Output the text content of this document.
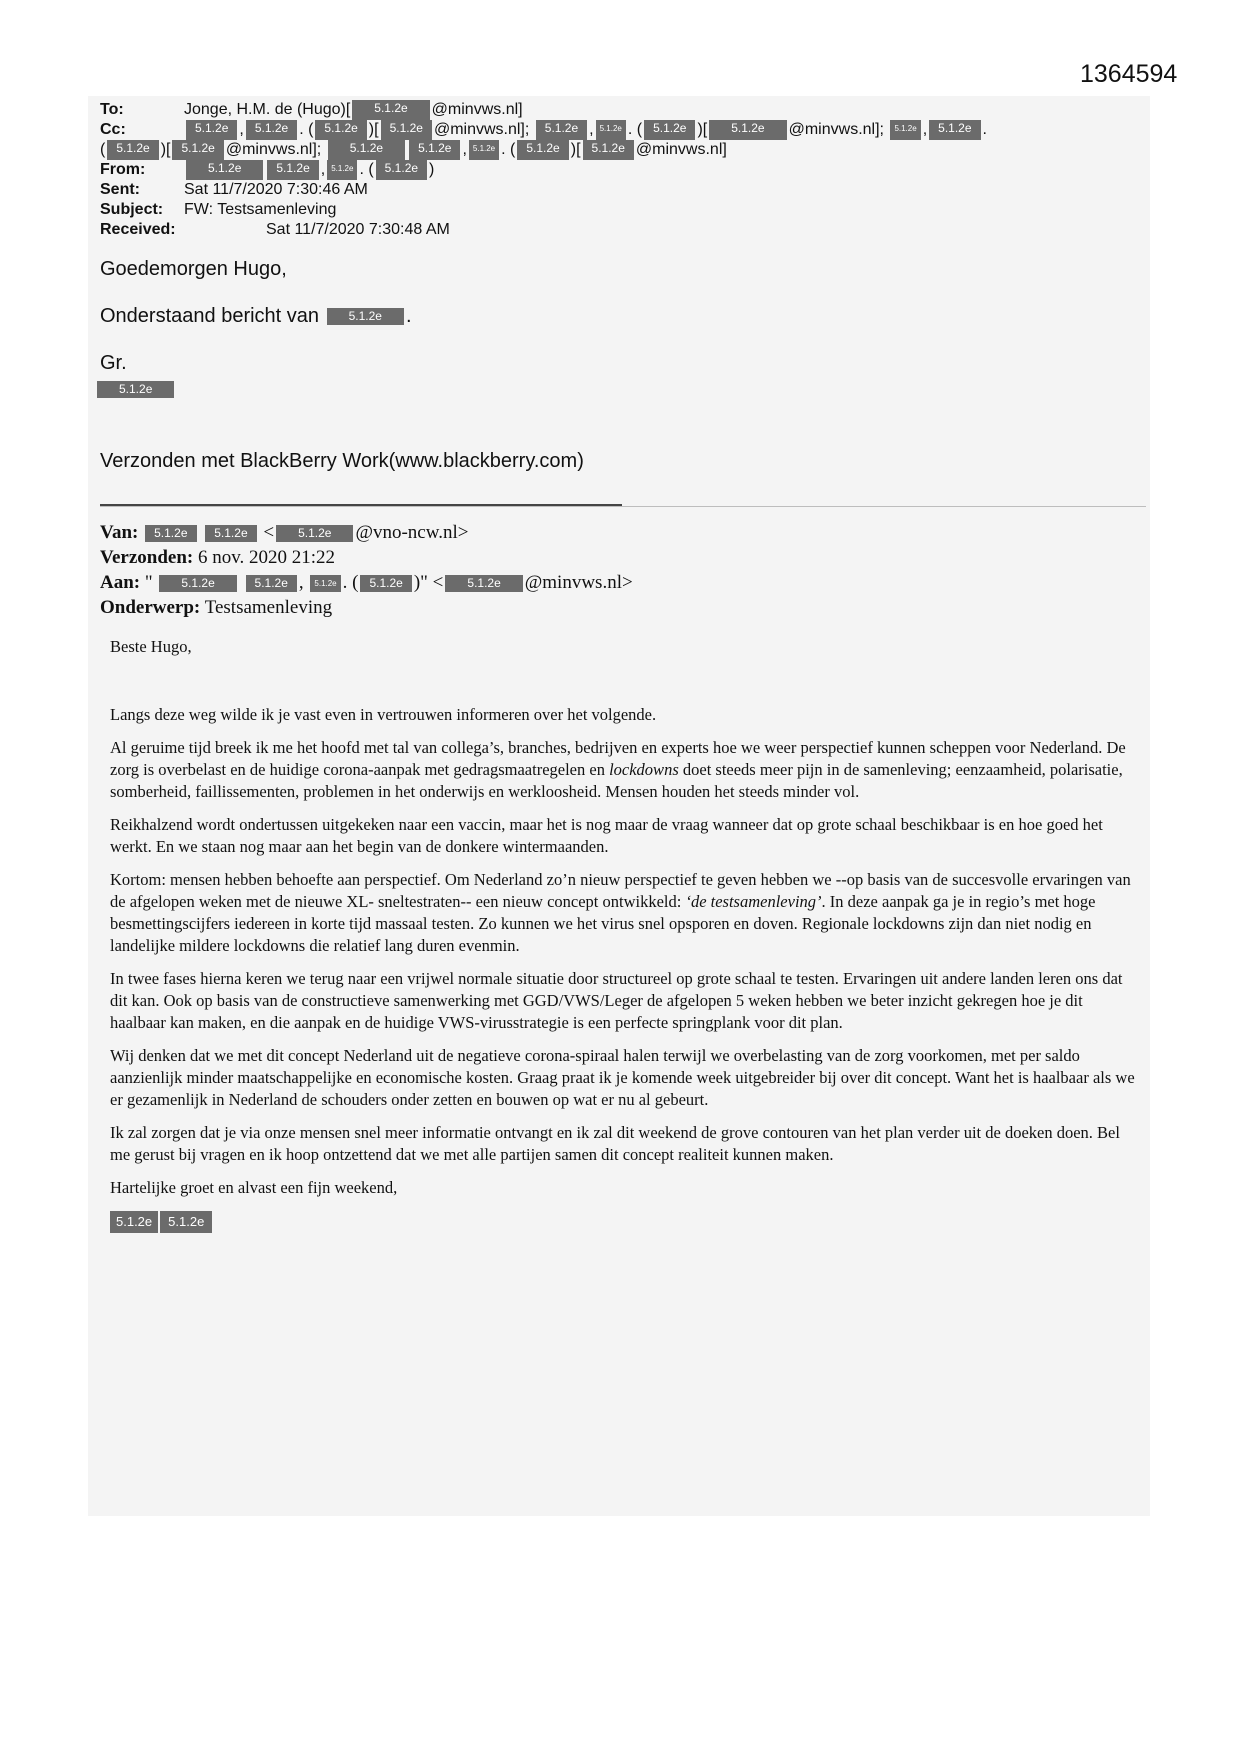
1364594
To:	Jonge, H.M. de (Hugo)[	5.1.2e	@minvws.nl]
Cc:	5.1.2e , 5.1.2e . ( 5.1.2e )[ 5.1.2e @minvws.nl];
	5.1.2e , 5.1.2e . ( 5.1.2e )[	5.1.2e	@minvws.nl];
	5.1.2e , 5.1.2e .
( 5.1.2e )[ 5.1.2e @minvws.nl];
	5.1.2e	5.1.2e , 5.1.2e . ( 5.1.2e )[ 5.1.2e @minvws.nl]
From:	5.1.2e	5.1.2e , 5.1.2e . ( 5.1.2e )
Sent:	Sat 11/7/2020 7:30:46 AM
Subject:	FW: Testsamenleving
Received:	Sat 11/7/2020 7:30:48 AM
Goedemorgen Hugo,
Onderstaand bericht van 5.1.2e .
Gr.
5.1.2e
Verzonden met BlackBerry Work(www.blackberry.com)
Van: 5.1.2e 5.1.2e < 5.1.2e @vno-ncw.nl>
Verzonden: 6 nov. 2020 21:22
Aan: " 5.1.2e	5.1.2e , 5.1.2e . ( 5.1.2e )" < 5.1.2e @minvws.nl>
Onderwerp: Testsamenleving

Beste Hugo,

Langs deze weg wilde ik je vast even in vertrouwen informeren over het volgende.

Al geruime tijd breek ik me het hoofd met tal van collega’s, branches, bedrijven en experts hoe we weer perspectief kunnen scheppen voor Nederland. De zorg is overbelast en de huidige corona-aanpak met gedragsmaatregelen en lockdowns doet steeds meer pijn in de samenleving; eenzaamheid, polarisatie, somberheid, faillissementen, problemen in het onderwijs en werkloosheid. Mensen houden het steeds minder vol.

Reikhalzend wordt ondertussen uitgekeken naar een vaccin, maar het is nog maar de vraag wanneer dat op grote schaal beschikbaar is en hoe goed het werkt. En we staan nog maar aan het begin van de donkere wintermaanden.

Kortom: mensen hebben behoefte aan perspectief. Om Nederland zo’n nieuw perspectief te geven hebben we --op basis van de succesvolle ervaringen van de afgelopen weken met de nieuwe XL- sneltestraten-- een nieuw concept ontwikkeld: ‘de testsamenleving’. In deze aanpak ga je in regio’s met hoge besmettingscijfers iedereen in korte tijd massaal testen. Zo kunnen we het virus snel opsporen en doven. Regionale lockdowns zijn dan niet nodig en landelijke mildere lockdowns die relatief lang duren evenmin.

In twee fases hierna keren we terug naar een vrijwel normale situatie door structureel op grote schaal te testen. Ervaringen uit andere landen leren ons dat dit kan. Ook op basis van de constructieve samenwerking met GGD/VWS/Leger de afgelopen 5 weken hebben we beter inzicht gekregen hoe je dit haalbaar kan maken, en die aanpak en de huidige VWS-virusstrategie is een perfecte springplank voor dit plan.

Wij denken dat we met dit concept Nederland uit de negatieve corona-spiraal halen terwijl we overbelasting van de zorg voorkomen, met per saldo aanzienlijk minder maatschappelijke en economische kosten. Graag praat ik je komende week uitgebreider bij over dit concept. Want het is haalbaar als we er gezamenlijk in Nederland de schouders onder zetten en bouwen op wat er nu al gebeurt.

Ik zal zorgen dat je via onze mensen snel meer informatie ontvangt en ik zal dit weekend de grove contouren van het plan verder uit de doeken doen. Bel me gerust bij vragen en ik hoop ontzettend dat we met alle partijen samen dit concept realiteit kunnen maken.

Hartelijke groet en alvast een fijn weekend,

5.1.2e 5.1.2e
